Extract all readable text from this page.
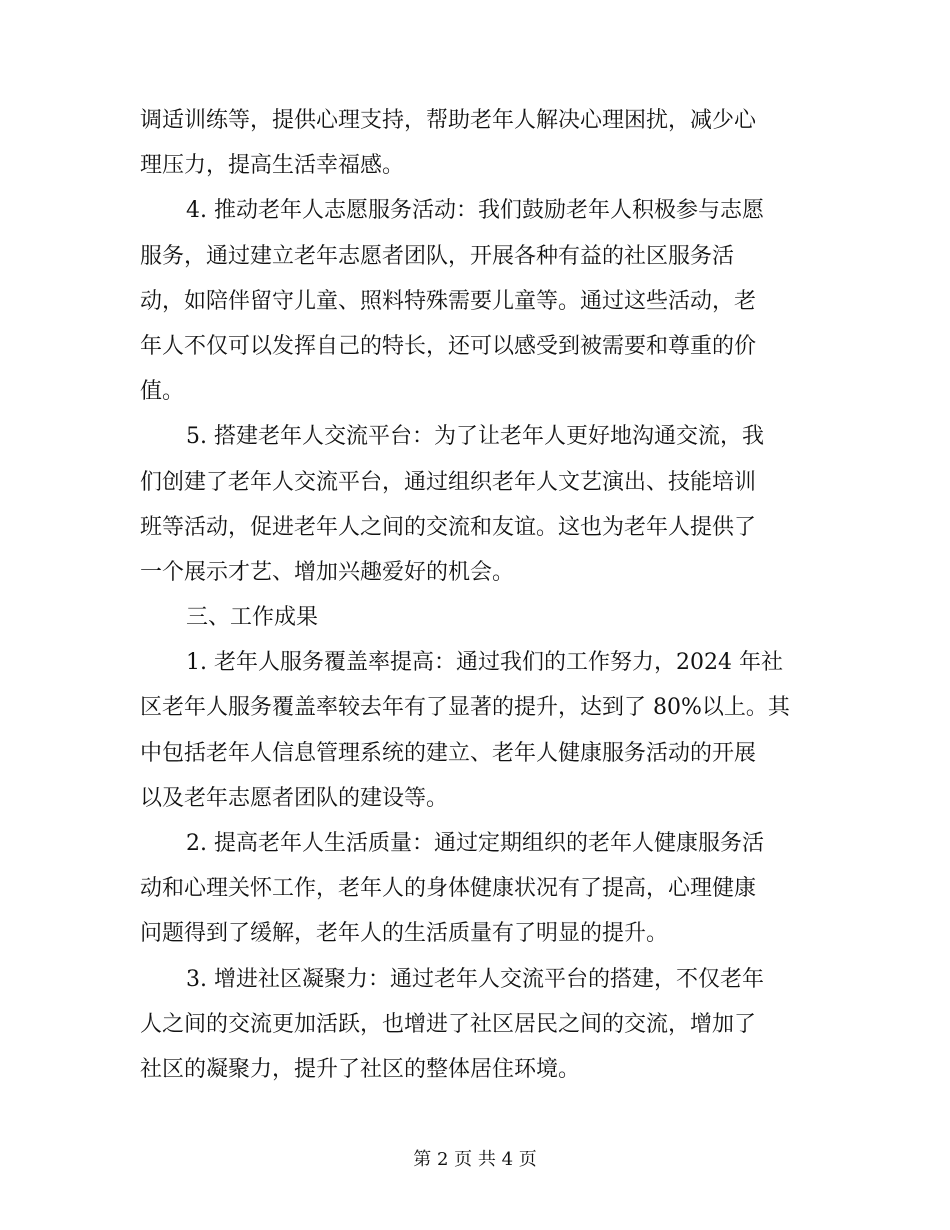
调适训练等，提供心理支持，帮助老年人解决心理困扰，减少心
理压力，提高生活幸福感。
4. 推动老年人志愿服务活动：我们鼓励老年人积极参与志愿
服务，通过建立老年志愿者团队，开展各种有益的社区服务活
动，如陪伴留守儿童、照料特殊需要儿童等。通过这些活动，老
年人不仅可以发挥自己的特长，还可以感受到被需要和尊重的价
值。
5. 搭建老年人交流平台：为了让老年人更好地沟通交流，我
们创建了老年人交流平台，通过组织老年人文艺演出、技能培训
班等活动，促进老年人之间的交流和友谊。这也为老年人提供了
一个展示才艺、增加兴趣爱好的机会。
三、工作成果
1. 老年人服务覆盖率提高：通过我们的工作努力，2024 年社
区老年人服务覆盖率较去年有了显著的提升，达到了 80%以上。其
中包括老年人信息管理系统的建立、老年人健康服务活动的开展
以及老年志愿者团队的建设等。
2. 提高老年人生活质量：通过定期组织的老年人健康服务活
动和心理关怀工作，老年人的身体健康状况有了提高，心理健康
问题得到了缓解，老年人的生活质量有了明显的提升。
3. 增进社区凝聚力：通过老年人交流平台的搭建，不仅老年
人之间的交流更加活跃，也增进了社区居民之间的交流，增加了
社区的凝聚力，提升了社区的整体居住环境。
第 2 页 共 4 页
